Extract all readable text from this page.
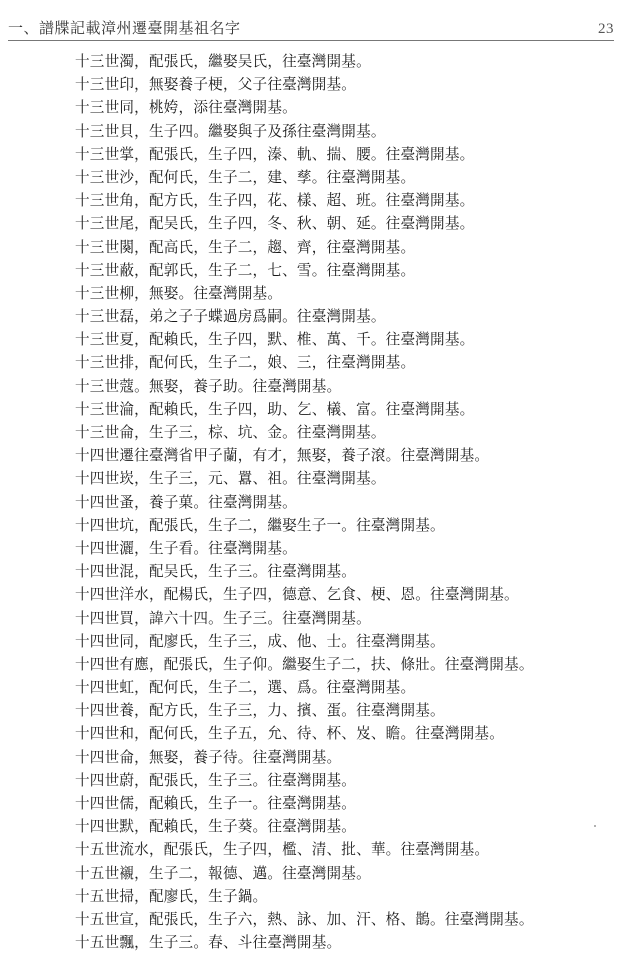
一、譜牒記載漳州遷臺開基祖名字	23
十三世濁，配張氏，繼娶吴氏，往臺灣開基。
十三世印，無娶養子梗，父子往臺灣開基。
十三世同，桃姱，添往臺灣開基。
十三世貝，生子四。繼娶與子及孫往臺灣開基。
十三世掌，配張氏，生子四，溱、軌、揣、腰。往臺灣開基。
十三世沙，配何氏，生子二，建、孳。往臺灣開基。
十三世角，配方氏，生子四，花、樣、超、班。往臺灣開基。
十三世尾，配吴氏，生子四，冬、秋、朝、延。往臺灣開基。
十三世闋，配高氏，生子二，趨、齊，往臺灣開基。
十三世蔽，配郭氏，生子二，七、雪。往臺灣開基。
十三世柳，無娶。往臺灣開基。
十三世磊，弟之子子蝶過房爲嗣。往臺灣開基。
十三世夏，配賴氏，生子四，默、椎、萬、千。往臺灣開基。
十三世排，配何氏，生子二，娘、三，往臺灣開基。
十三世蔻。無娶，養子助。往臺灣開基。
十三世淪，配賴氏，生子四，助、乞、檥、富。往臺灣開基。
十三世侖，生子三，棕、坑、金。往臺灣開基。
十四世遷往臺灣省甲子蘭，有才，無娶，養子滾。往臺灣開基。
十四世崁，生子三，元、囂、祖。往臺灣開基。
十四世蚤，養子菓。往臺灣開基。
十四世坑，配張氏，生子二，繼娶生子一。往臺灣開基。
十四世灑，生子看。往臺灣開基。
十四世混，配吴氏，生子三。往臺灣開基。
十四世洋水，配楊氏，生子四，德意、乞食、梗、恩。往臺灣開基。
十四世買，諱六十四。生子三。往臺灣開基。
十四世同，配廖氏，生子三，成、他、士。往臺灣開基。
十四世有應，配張氏，生子仰。繼娶生子二，扶、條壯。往臺灣開基。
十四世虹，配何氏，生子二，選、爲。往臺灣開基。
十四世養，配方氏，生子三，力、擯、蛋。往臺灣開基。
十四世和，配何氏，生子五，允、待、杯、岌、瞻。往臺灣開基。
十四世侖，無娶，養子待。往臺灣開基。
十四世蔚，配張氏，生子三。往臺灣開基。
十四世儒，配賴氏，生子一。往臺灣開基。
十四世默，配賴氏，生子葵。往臺灣開基。
十五世流水，配張氏，生子四，檻、清、批、華。往臺灣開基。
十五世襯，生子二，報德、邁。往臺灣開基。
十五世掃，配廖氏，生子鍋。
十五世宣，配張氏，生子六，熱、詠、加、汗、格、鵲。往臺灣開基。
十五世飄，生子三。春、斗往臺灣開基。
